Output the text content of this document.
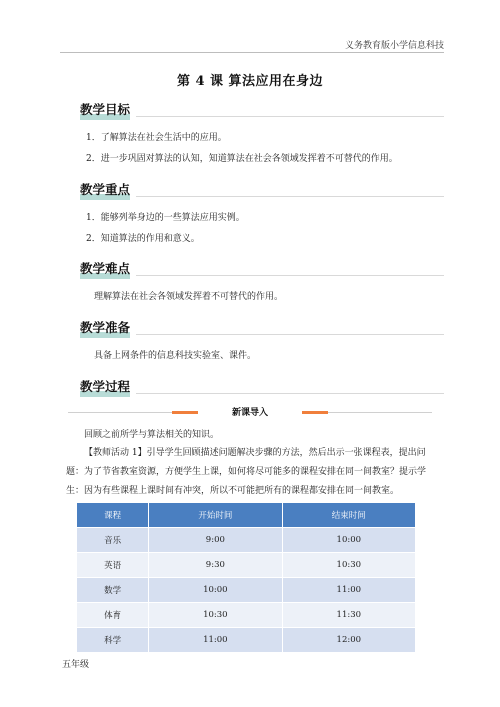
义务教育版小学信息科技
第 4 课 算法应用在身边
教学目标
1．了解算法在社会生活中的应用。
2．进一步巩固对算法的认知，知道算法在社会各领域发挥着不可替代的作用。
教学重点
1．能够列举身边的一些算法应用实例。
2．知道算法的作用和意义。
教学难点
理解算法在社会各领域发挥着不可替代的作用。
教学准备
具备上网条件的信息科技实验室、课件。
教学过程
新课导入
回顾之前所学与算法相关的知识。
【教师活动 1】引导学生回顾描述问题解决步骤的方法，然后出示一张课程表，提出问题：为了节省教室资源，方便学生上课，如何将尽可能多的课程安排在同一间教室？提示学生：因为有些课程上课时间有冲突，所以不可能把所有的课程都安排在同一间教室。
课程	开始时间	结束时间
音乐	9:00	10:00
英语	9:30	10:30
数学	10:00	11:00
体育	10:30	11:30
科学	11:00	12:00
五年级
